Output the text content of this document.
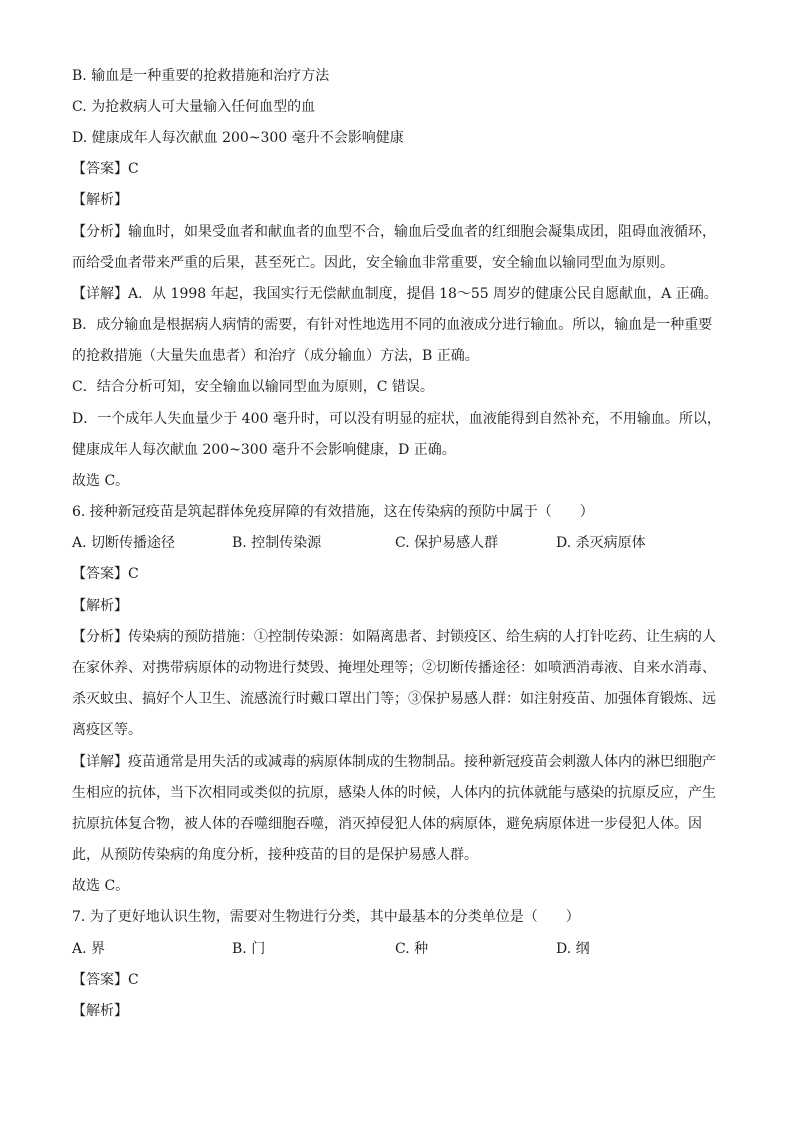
B. 输血是一种重要的抢救措施和治疗方法
C. 为抢救病人可大量输入任何血型的血
D. 健康成年人每次献血 200~300 毫升不会影响健康
【答案】C
【解析】
【分析】输血时，如果受血者和献血者的血型不合，输血后受血者的红细胞会凝集成团，阻碍血液循环，
而给受血者带来严重的后果，甚至死亡。因此，安全输血非常重要，安全输血以输同型血为原则。
【详解】A．从 1998 年起，我国实行无偿献血制度，提倡 18～55 周岁的健康公民自愿献血，A 正确。
B．成分输血是根据病人病情的需要，有针对性地选用不同的血液成分进行输血。所以，输血是一种重要
的抢救措施（大量失血患者）和治疗（成分输血）方法，B 正确。
C．结合分析可知，安全输血以输同型血为原则，C 错误。
D．一个成年人失血量少于 400 毫升时，可以没有明显的症状，血液能得到自然补充，不用输血。所以，
健康成年人每次献血 200~300 毫升不会影响健康，D 正确。
故选 C。
6. 接种新冠疫苗是筑起群体免疫屏障的有效措施，这在传染病的预防中属于（　　）
A. 切断传播途径	B. 控制传染源	C. 保护易感人群	D. 杀灭病原体
【答案】C
【解析】
【分析】传染病的预防措施：①控制传染源：如隔离患者、封锁疫区、给生病的人打针吃药、让生病的人
在家休养、对携带病原体的动物进行焚毁、掩埋处理等；②切断传播途径：如喷洒消毒液、自来水消毒、
杀灭蚊虫、搞好个人卫生、流感流行时戴口罩出门等；③保护易感人群：如注射疫苗、加强体育锻炼、远
离疫区等。
【详解】疫苗通常是用失活的或减毒的病原体制成的生物制品。接种新冠疫苗会刺激人体内的淋巴细胞产
生相应的抗体，当下次相同或类似的抗原，感染人体的时候，人体内的抗体就能与感染的抗原反应，产生
抗原抗体复合物，被人体的吞噬细胞吞噬，消灭掉侵犯人体的病原体，避免病原体进一步侵犯人体。因
此，从预防传染病的角度分析，接种疫苗的目的是保护易感人群。
故选 C。
7. 为了更好地认识生物，需要对生物进行分类，其中最基本的分类单位是（　　）
A. 界	B. 门	C. 种	D. 纲
【答案】C
【解析】
